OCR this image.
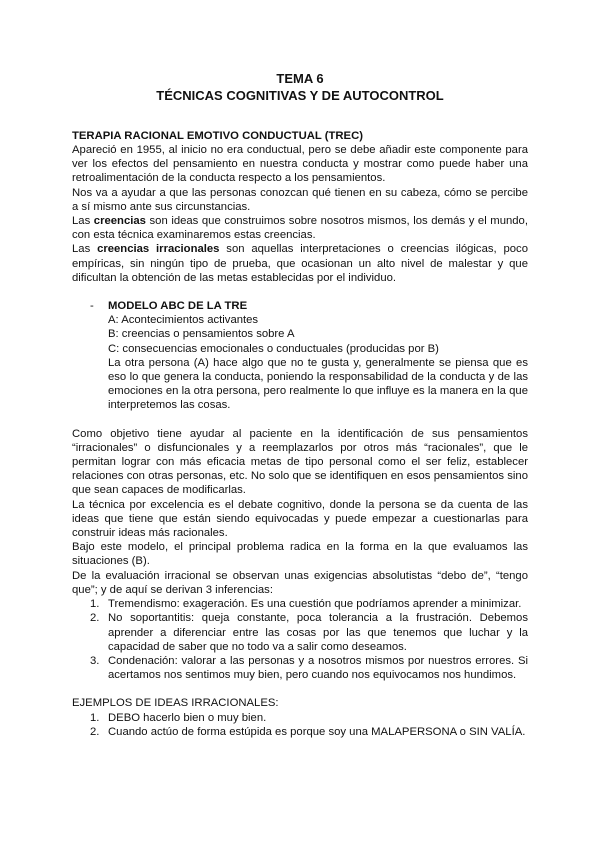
TEMA 6
TÉCNICAS COGNITIVAS Y DE AUTOCONTROL
TERAPIA RACIONAL EMOTIVO CONDUCTUAL (TREC)

Apareció en 1955, al inicio no era conductual, pero se debe añadir este componente para ver los efectos del pensamiento en nuestra conducta y mostrar como puede haber una retroalimentación de la conducta respecto a los pensamientos.

Nos va a ayudar a que las personas conozcan qué tienen en su cabeza, cómo se percibe a sí mismo ante sus circunstancias.

Las creencias son ideas que construimos sobre nosotros mismos, los demás y el mundo, con esta técnica examinaremos estas creencias.

Las creencias irracionales son aquellas interpretaciones o creencias ilógicas, poco empíricas, sin ningún tipo de prueba, que ocasionan un alto nivel de malestar y que dificultan la obtención de las metas establecidas por el individuo.

- MODELO ABC DE LA TRE

A: Acontecimientos activantes

B: creencias o pensamientos sobre A

C: consecuencias emocionales o conductuales (producidas por B)

La otra persona (A) hace algo que no te gusta y, generalmente se piensa que es eso lo que genera la conducta, poniendo la responsabilidad de la conducta y de las emociones en la otra persona, pero realmente lo que influye es la manera en la que interpretemos las cosas.

Como objetivo tiene ayudar al paciente en la identificación de sus pensamientos “irracionales” o disfuncionales y a reemplazarlos por otros más “racionales”, que le permitan lograr con más eficacia metas de tipo personal como el ser feliz, establecer relaciones con otras personas, etc. No solo que se identifiquen en esos pensamientos sino que sean capaces de modificarlas.

La técnica por excelencia es el debate cognitivo, donde la persona se da cuenta de las ideas que tiene que están siendo equivocadas y puede empezar a cuestionarlas para construir ideas más racionales.

Bajo este modelo, el principal problema radica en la forma en la que evaluamos las situaciones (B).

De la evaluación irracional se observan unas exigencias absolutistas “debo de”, “tengo que”; y de aquí se derivan 3 inferencias:

1. Tremendismo: exageración. Es una cuestión que podríamos aprender a minimizar.
2. No soportantitis: queja constante, poca tolerancia a la frustración. Debemos aprender a diferenciar entre las cosas por las que tenemos que luchar y la capacidad de saber que no todo va a salir como deseamos.
3. Condenación: valorar a las personas y a nosotros mismos por nuestros errores. Si acertamos nos sentimos muy bien, pero cuando nos equivocamos nos hundimos.

EJEMPLOS DE IDEAS IRRACIONALES:

1. DEBO hacerlo bien o muy bien.
2. Cuando actúo de forma estúpida es porque soy una MALAPERSONA o SIN VALÍA.
